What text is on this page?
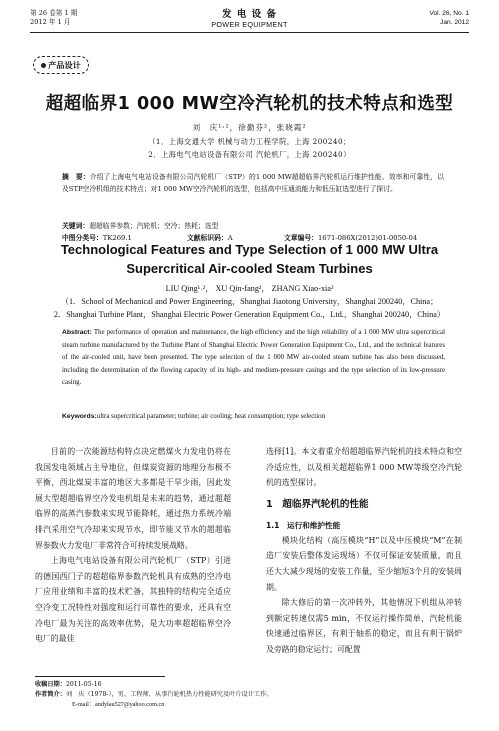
第 26 卷第 1 期
2012 年 1 月
发 电 设 备
POWER EQUIPMENT
Vol. 26, No. 1
Jan. 2012
产品设计
超超临界1 000 MW空冷汽轮机的技术特点和选型
刘　庆¹˒²，徐勤芬²，张晓霞²
（1．上海交通大学 机械与动力工程学院，上海 200240；
2．上海电气电站设备有限公司 汽轮机厂，上海 200240）
摘　要：介绍了上海电气电站设备有限公司汽轮机厂（STP）的1 000 MW超超临界汽轮机运行维护性能、效率和可靠性，以及STP空冷机组的技术特点；对1 000 MW空冷汽轮机的选型，包括高中压通流能力和低压缸选型进行了探讨。
关键词：超超临界参数；汽轮机；空冷；热耗；选型
中图分类号：TK269.1	文献标识码：A	文章编号：1671-086X(2012)01-0050-04
Technological Features and Type Selection of 1 000 MW Ultra Supercritical Air-cooled Steam Turbines
LIU Qing¹˒²， XU Qin-fang²， ZHANG Xiao-xia²
（1．School of Mechanical and Power Engineering，Shanghai Jiaotong University，Shanghai 200240，China；
2．Shanghai Turbine Plant，Shanghai Electric Power Generation Equipment Co.，Ltd.，Shanghai 200240，China）
Abstract: The performance of operation and maintenance, the high efficiency and the high reliability of a 1 000 MW ultra supercritical steam turbine manufactured by the Turbine Plant of Shanghai Electric Power Generation Equipment Co., Ltd., and the technical features of the air-cooled unit, have been presented. The type selection of the 1 000 MW air-cooled steam turbine has also been discussed, including the determination of the flowing capacity of its high- and medium-pressure casings and the type selection of its low-pressure casing.
Keywords:ultra supercritical parameter; turbine; air cooling; heat consumption; type selection

目前的一次能源结构特点决定燃煤火力发电仍将在我国发电领域占主导地位，但煤炭资源的地理分布极不平衡，西北煤炭丰富的地区大多都是干旱少雨，因此发展大型超超临界空冷发电机组是未来的趋势，通过超超临界的高蒸汽参数来实现节能降耗，通过热力系统冷端排汽采用空气冷却来实现节水，即节能又节水的超超临界参数火力发电厂非常符合可持续发展战略。

上海电气电站设备有限公司汽轮机厂（STP）引进的德国西门子的超超临界参数汽轮机具有成熟的空冷电厂应用业绩和丰富的技术贮备，其独特的结构完全适应空冷变工况特性对强度和运行可靠性的要求，还具有空冷电厂最为关注的高效率优势，是大功率超超临界空冷电厂的最佳

选择[1]。本文着重介绍超超临界汽轮机的技术特点和空冷适应性，以及相关超超临界1 000 MW等级空冷汽轮机的选型探讨。

1　超临界汽轮机的性能
1.1　运行和维护性能

模块化结构（高压模块“H”以及中压模块“M”在制造厂安装后整体发运现场）不仅可保证安装质量，而且还大大减少现场的安装工作量，至少缩短3个月的安装周期。

除大修后的第一次冲转外，其他情况下机组从冲转到额定转速仅需5 min，不仅运行操作简单，汽轮机能快速通过临界区，有利于轴系的稳定，而且有利于锅炉及旁路的稳定运行；可配置

收稿日期：2011-05-16
作者简介：刘　庆（1978-），男，工程师，从事汽轮机热力性能研究及叶片设计工作。
E-mail：andylau527@yahoo.com.cn
